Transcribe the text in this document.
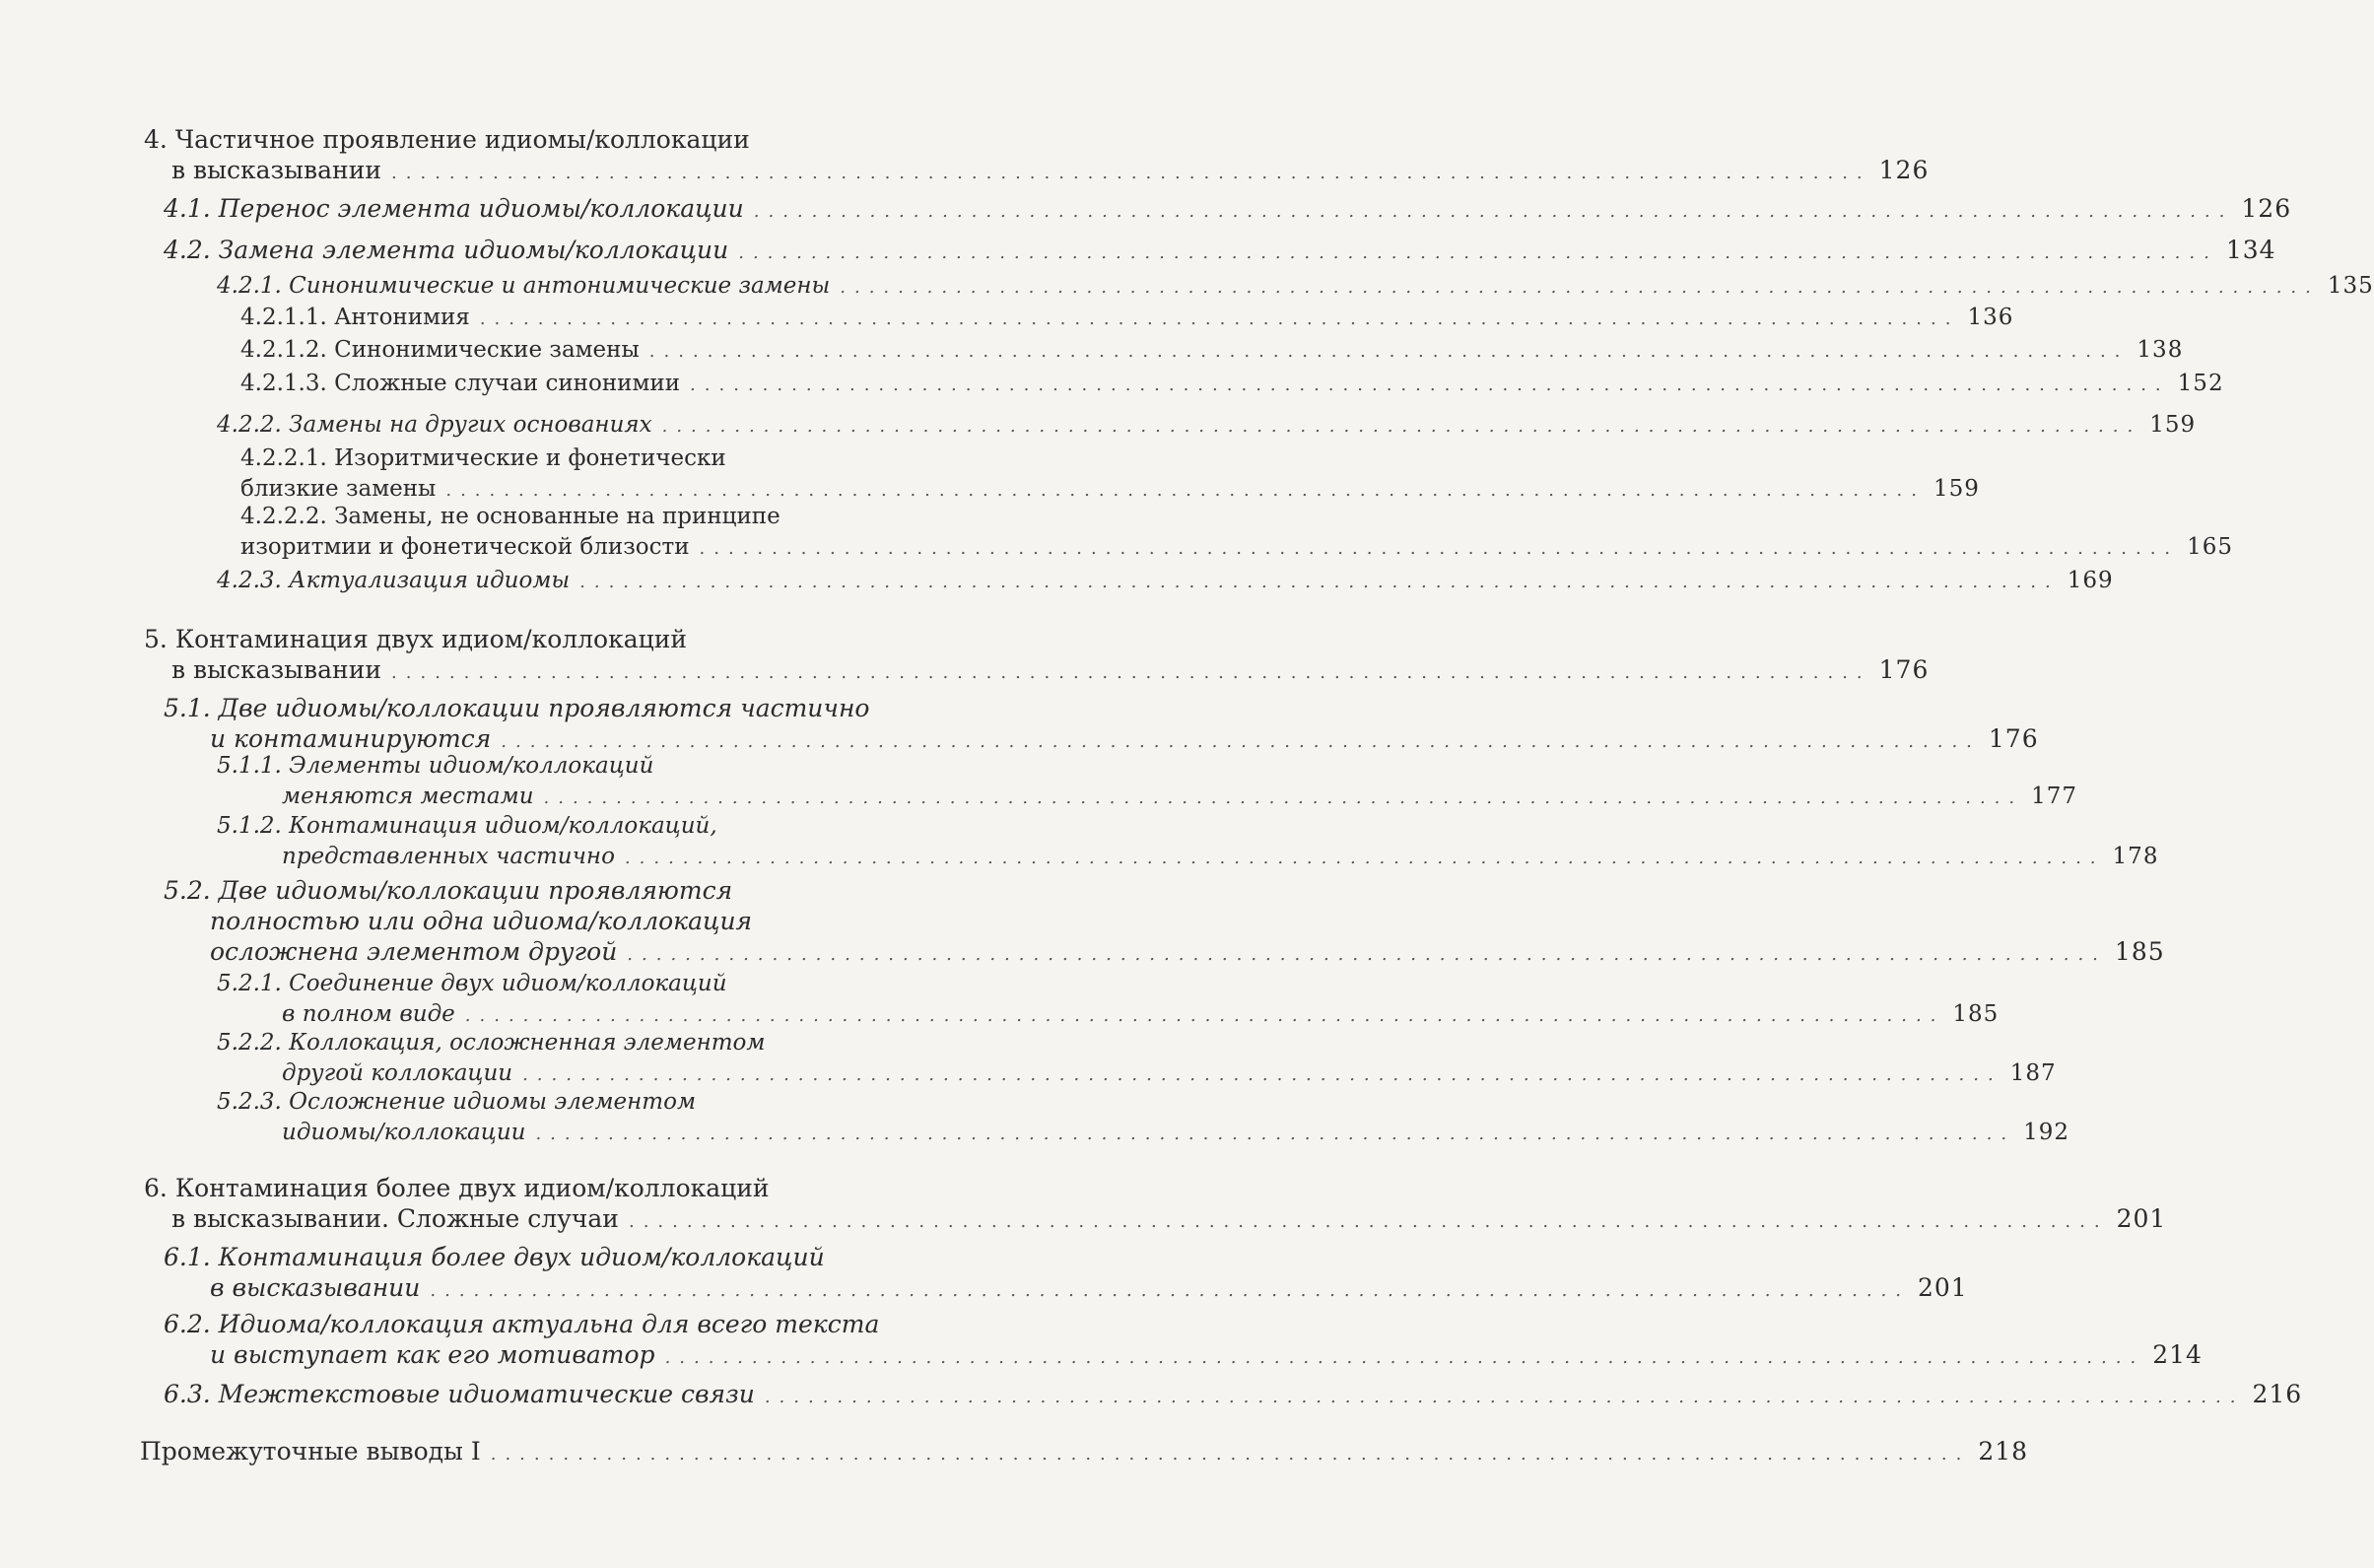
4. Частичное проявление идиомы/коллокации
в высказывании ...................................................................................................... 126
4.1. Перенос элемента идиомы/коллокации ...................................................................................................... 126
4.2. Замена элемента идиомы/коллокации ...................................................................................................... 134
4.2.1. Синонимические и антонимические замены ...................................................................................................... 135
4.2.1.1. Антонимия ...................................................................................................... 136
4.2.1.2. Синонимические замены ...................................................................................................... 138
4.2.1.3. Сложные случаи синонимии ...................................................................................................... 152
4.2.2. Замены на других основаниях ...................................................................................................... 159
4.2.2.1. Изоритмические и фонетически
близкие замены ...................................................................................................... 159
4.2.2.2. Замены, не основанные на принципе
изоритмии и фонетической близости ...................................................................................................... 165
4.2.3. Актуализация идиомы ...................................................................................................... 169
5. Контаминация двух идиом/коллокаций
в высказывании ...................................................................................................... 176
5.1. Две идиомы/коллокации проявляются частично
и контаминируются ...................................................................................................... 176
5.1.1. Элементы идиом/коллокаций
меняются местами ...................................................................................................... 177
5.1.2. Контаминация идиом/коллокаций,
представленных частично ...................................................................................................... 178
5.2. Две идиомы/коллокации проявляются
полностью или одна идиома/коллокация
осложнена элементом другой ...................................................................................................... 185
5.2.1. Соединение двух идиом/коллокаций
в полном виде ...................................................................................................... 185
5.2.2. Коллокация, осложненная элементом
другой коллокации ...................................................................................................... 187
5.2.3. Осложнение идиомы элементом
идиомы/коллокации ...................................................................................................... 192
6. Контаминация более двух идиом/коллокаций
в высказывании. Сложные случаи ...................................................................................................... 201
6.1. Контаминация более двух идиом/коллокаций
в высказывании ...................................................................................................... 201
6.2. Идиома/коллокация актуальна для всего текста
и выступает как его мотиватор ...................................................................................................... 214
6.3. Межтекстовые идиоматические связи ...................................................................................................... 216
Промежуточные выводы I ...................................................................................................... 218
